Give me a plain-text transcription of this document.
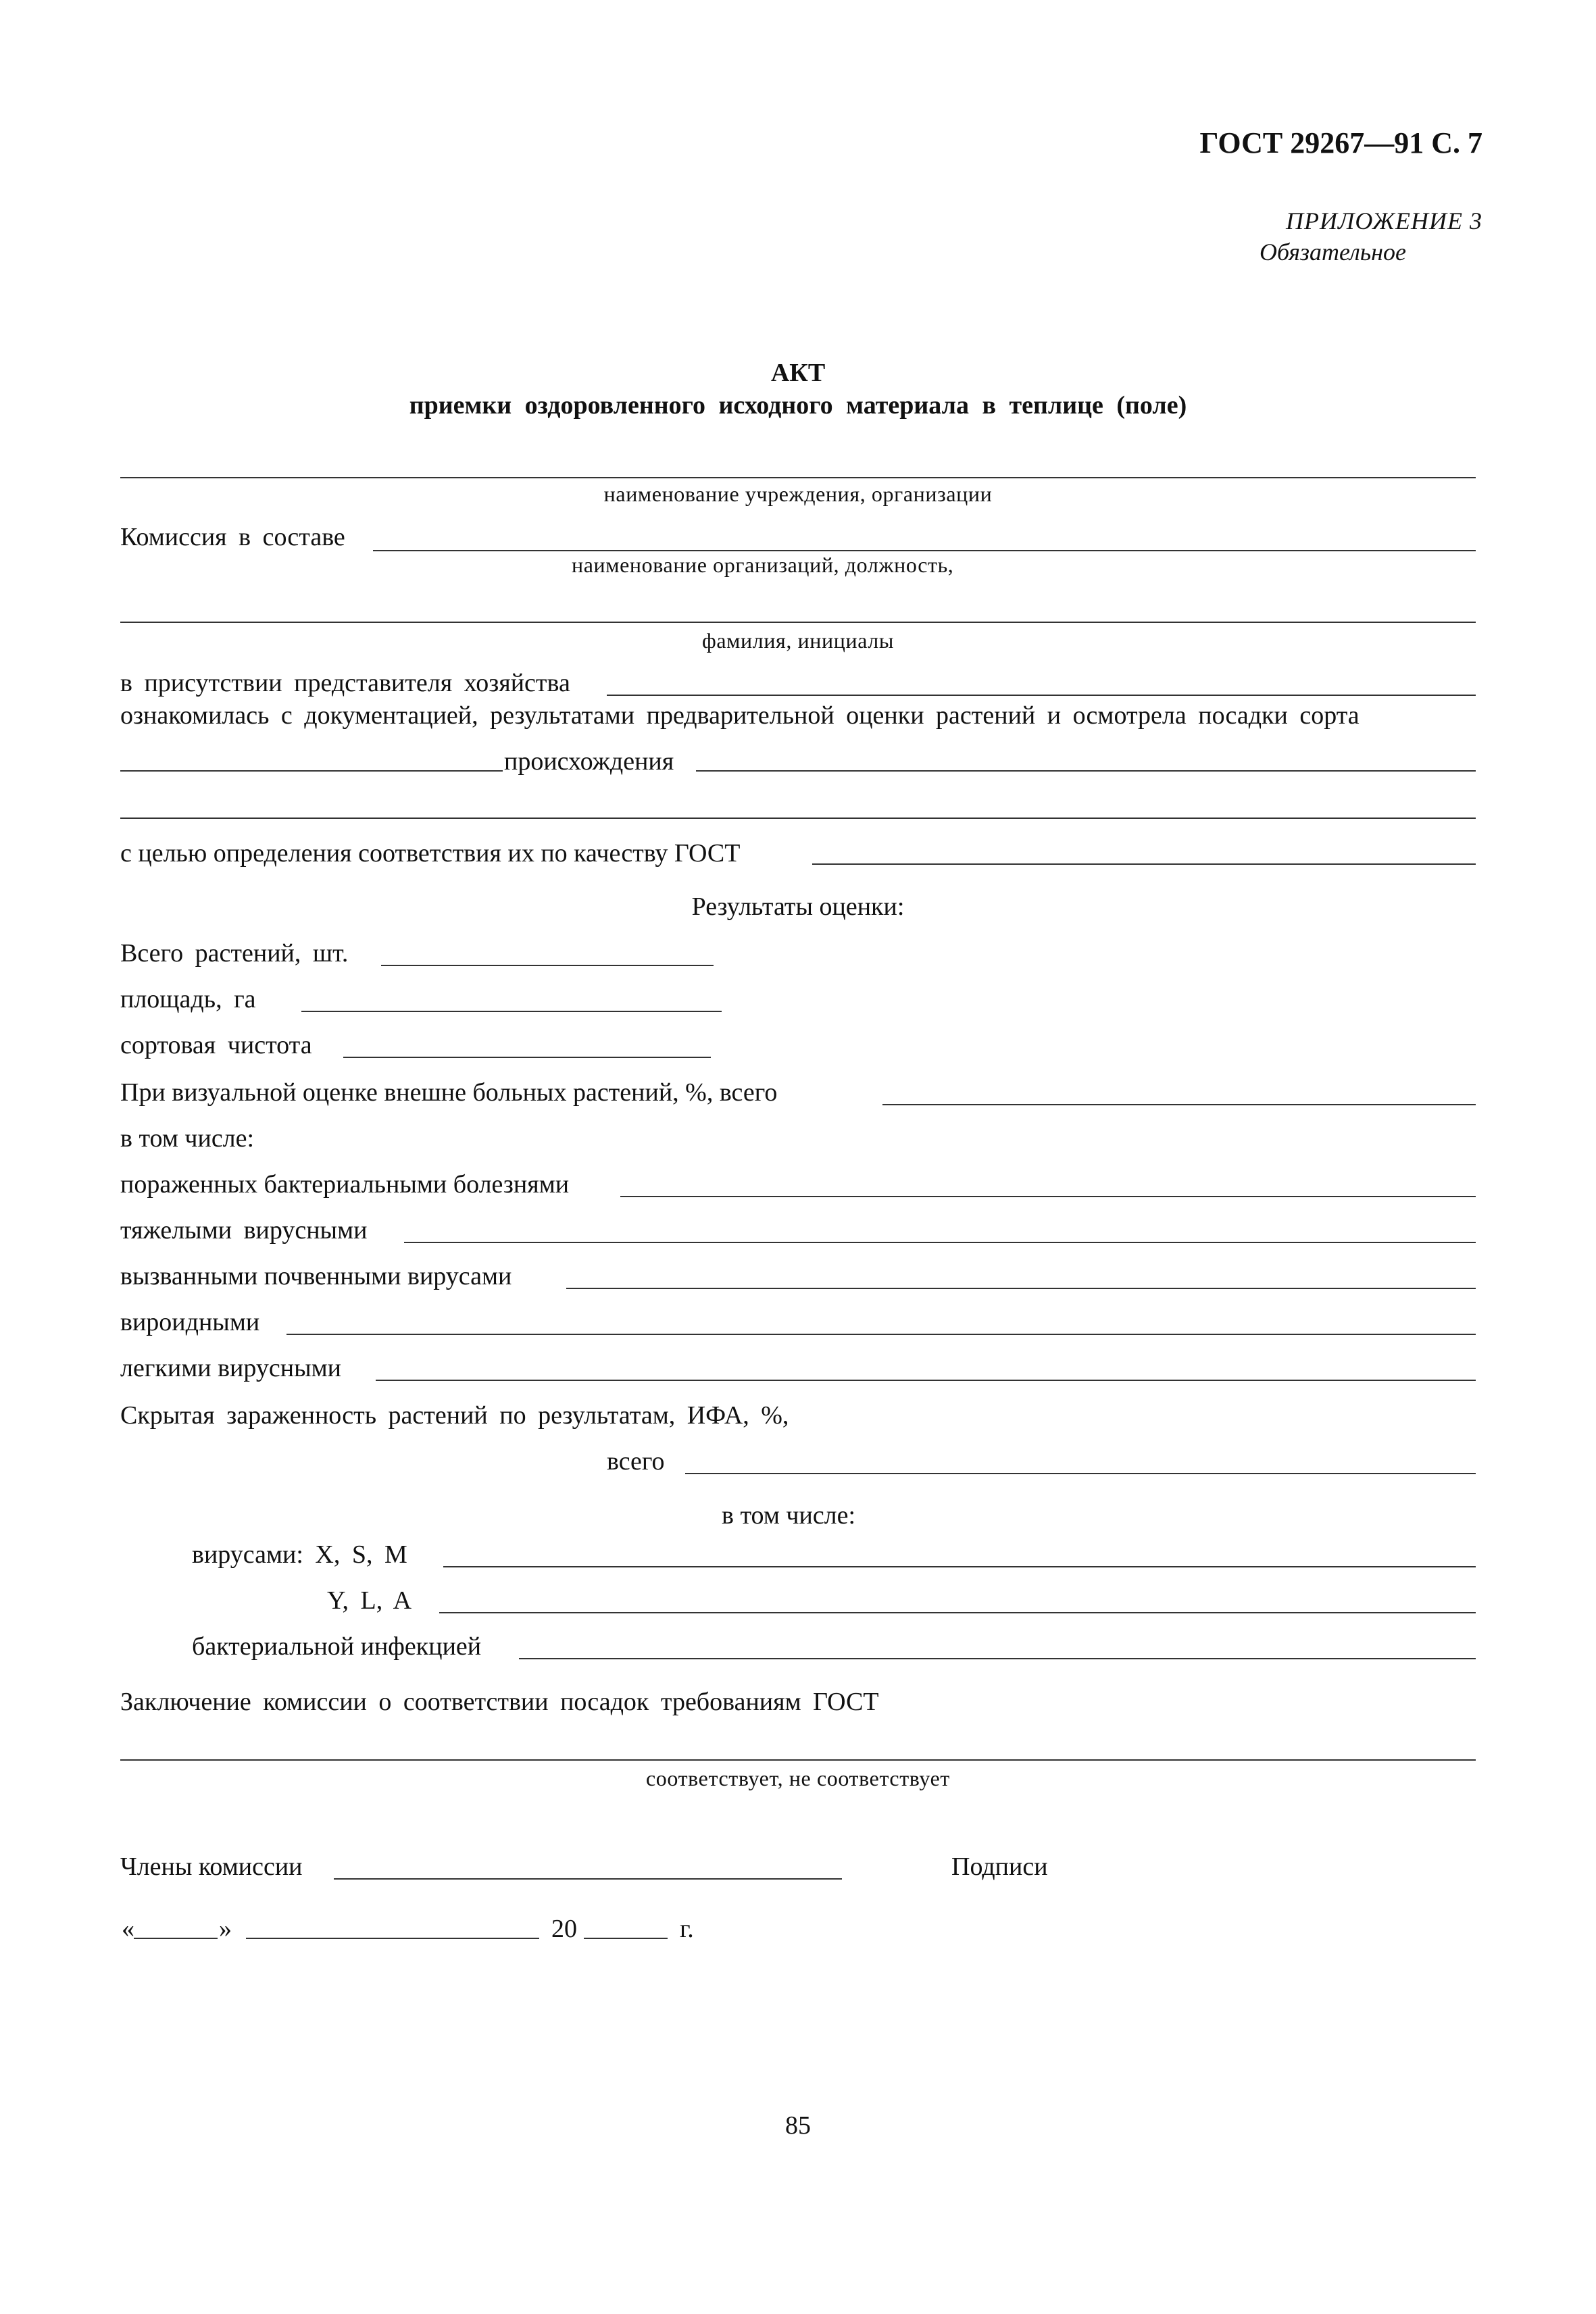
ГОСТ 29267—91 С. 7
ПРИЛОЖЕНИЕ 3
Обязательное
АКТ
приемки оздоровленного исходного материала в теплице (поле)
наименование учреждения, организации
Комиссия в составе
наименование организаций, должность,
фамилия, инициалы
в присутствии представителя хозяйства
ознакомилась с документацией, результатами предварительной оценки растений и осмотрела посадки сорта
происхождения
с целью определения соответствия их по качеству ГОСТ
Результаты оценки:
Всего растений, шт.
площадь, га
сортовая чистота
При визуальной оценке внешне больных растений, %, всего
в том числе:
пораженных бактериальными болезнями
тяжелыми вирусными
вызванными почвенными вирусами
вироидными
легкими вирусными
Скрытая зараженность растений по результатам, ИФА, %,
всего
в том числе:
вирусами: X, S, M
Y, L, A
бактериальной инфекцией
Заключение комиссии о соответствии посадок требованиям ГОСТ
соответствует, не соответствует
Члены комиссии	Подписи
«	»	20	г.
85
